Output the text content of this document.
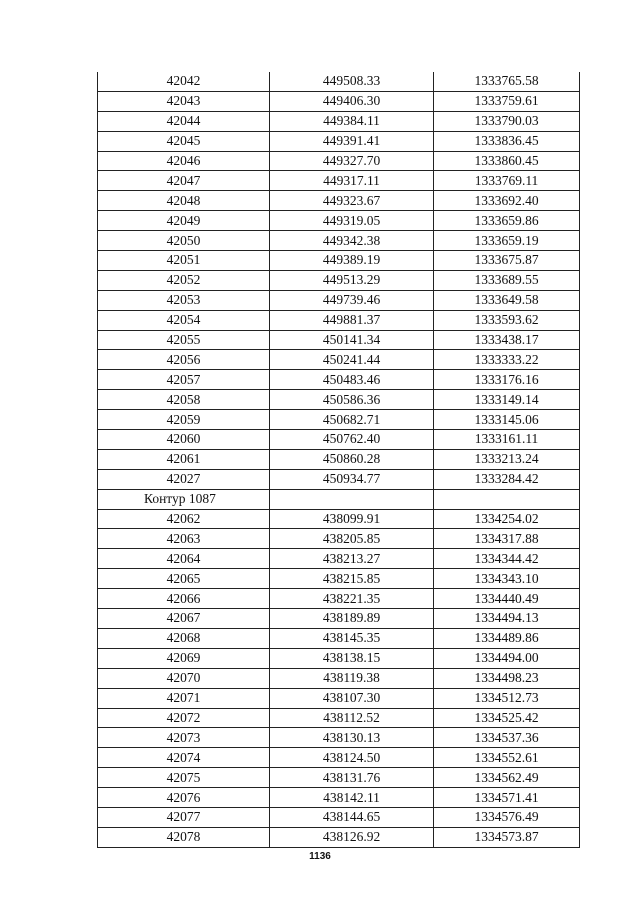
42042	449508.33	1333765.58
42043	449406.30	1333759.61
42044	449384.11	1333790.03
42045	449391.41	1333836.45
42046	449327.70	1333860.45
42047	449317.11	1333769.11
42048	449323.67	1333692.40
42049	449319.05	1333659.86
42050	449342.38	1333659.19
42051	449389.19	1333675.87
42052	449513.29	1333689.55
42053	449739.46	1333649.58
42054	449881.37	1333593.62
42055	450141.34	1333438.17
42056	450241.44	1333333.22
42057	450483.46	1333176.16
42058	450586.36	1333149.14
42059	450682.71	1333145.06
42060	450762.40	1333161.11
42061	450860.28	1333213.24
42027	450934.77	1333284.42
Контур 1087		
42062	438099.91	1334254.02
42063	438205.85	1334317.88
42064	438213.27	1334344.42
42065	438215.85	1334343.10
42066	438221.35	1334440.49
42067	438189.89	1334494.13
42068	438145.35	1334489.86
42069	438138.15	1334494.00
42070	438119.38	1334498.23
42071	438107.30	1334512.73
42072	438112.52	1334525.42
42073	438130.13	1334537.36
42074	438124.50	1334552.61
42075	438131.76	1334562.49
42076	438142.11	1334571.41
42077	438144.65	1334576.49
42078	438126.92	1334573.87
1136
